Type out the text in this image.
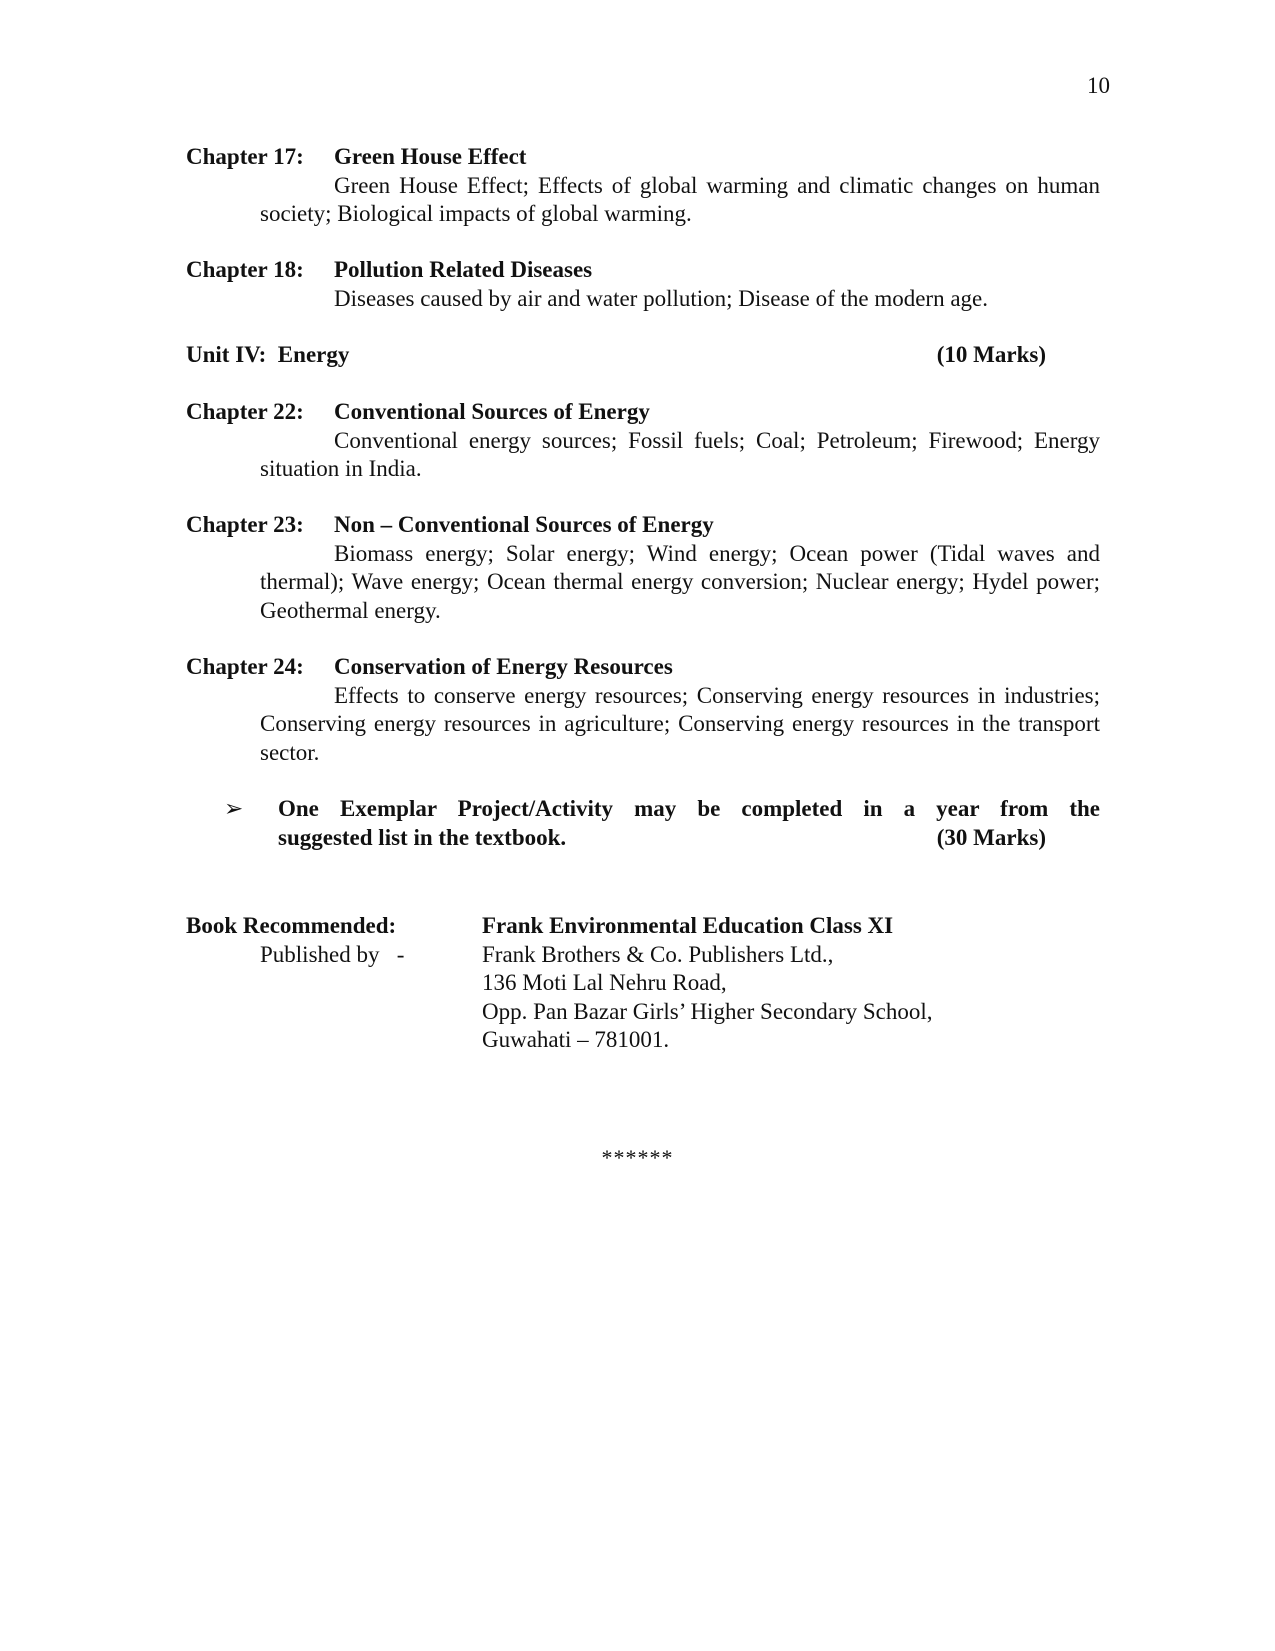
10
Chapter 17: Green House Effect
Green House Effect; Effects of global warming and climatic changes on human society; Biological impacts of global warming.
Chapter 18: Pollution Related Diseases
Diseases caused by air and water pollution; Disease of the modern age.
Unit IV:  Energy	(10 Marks)
Chapter 22: Conventional Sources of Energy
Conventional energy sources; Fossil fuels; Coal; Petroleum; Firewood; Energy situation in India.
Chapter 23: Non – Conventional Sources of Energy
Biomass energy; Solar energy; Wind energy; Ocean power (Tidal waves and thermal); Wave energy; Ocean thermal energy conversion; Nuclear energy; Hydel power; Geothermal energy.
Chapter 24: Conservation of Energy Resources
Effects to conserve energy resources; Conserving energy resources in industries; Conserving energy resources in agriculture; Conserving energy resources in the transport sector.
➢ One Exemplar Project/Activity may be completed in a year from the
suggested list in the textbook.	(30 Marks)
Book Recommended:	Frank Environmental Education Class XI
Published by   -	Frank Brothers & Co. Publishers Ltd.,
136 Moti Lal Nehru Road,
Opp. Pan Bazar Girls’ Higher Secondary School,
Guwahati – 781001.
******
